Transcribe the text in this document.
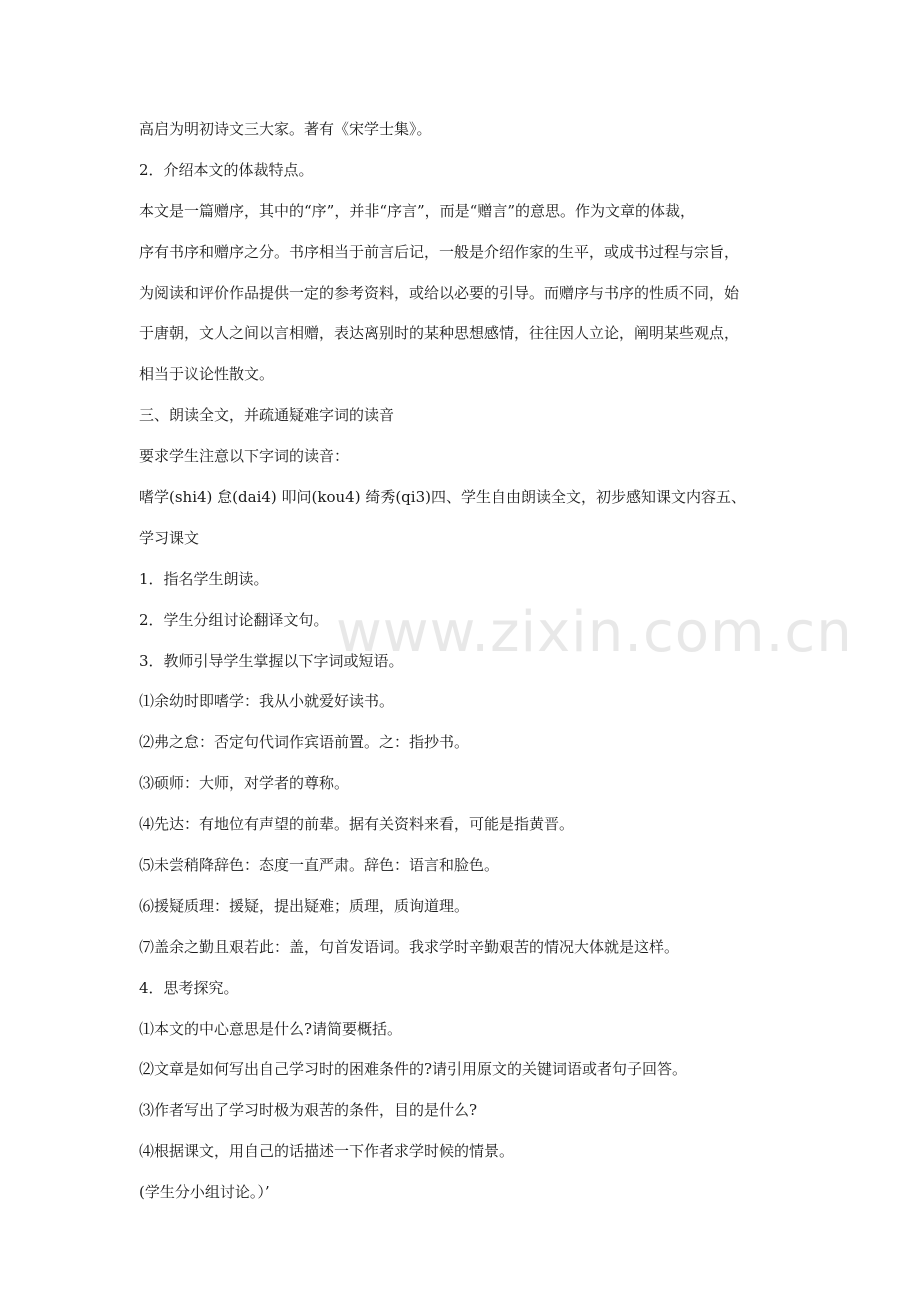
高启为明初诗文三大家。著有《宋学士集》。
2．介绍本文的体裁特点。
本文是一篇赠序，其中的“序”，并非“序言”，而是“赠言”的意思。作为文章的体裁，
序有书序和赠序之分。书序相当于前言后记，一般是介绍作家的生平，或成书过程与宗旨，
为阅读和评价作品提供一定的参考资料，或给以必要的引导。而赠序与书序的性质不同，始
于唐朝，文人之间以言相赠，表达离别时的某种思想感情，往往因人立论，阐明某些观点，
相当于议论性散文。
三、朗读全文，并疏通疑难字词的读音
要求学生注意以下字词的读音：
嗜学(shi4) 怠(dai4) 叩问(kou4) 绮秀(qi3)四、学生自由朗读全文，初步感知课文内容五、
学习课文
1．指名学生朗读。
2．学生分组讨论翻译文句。
3．教师引导学生掌握以下字词或短语。
⑴余幼时即嗜学：我从小就爱好读书。
⑵弗之怠：否定句代词作宾语前置。之：指抄书。
⑶硕师：大师，对学者的尊称。
⑷先达：有地位有声望的前辈。据有关资料来看，可能是指黄晋。
⑸未尝稍降辞色：态度一直严肃。辞色：语言和脸色。
⑹援疑质理：援疑，提出疑难；质理，质询道理。
⑺盖余之勤且艰若此：盖，句首发语词。我求学时辛勤艰苦的情况大体就是这样。
4．思考探究。
⑴本文的中心意思是什么?请简要概括。
⑵文章是如何写出自己学习时的困难条件的?请引用原文的关键词语或者句子回答。
⑶作者写出了学习时极为艰苦的条件，目的是什么?
⑷根据课文，用自己的话描述一下作者求学时候的情景。
(学生分小组讨论。）’
www.zixin.com.cn
